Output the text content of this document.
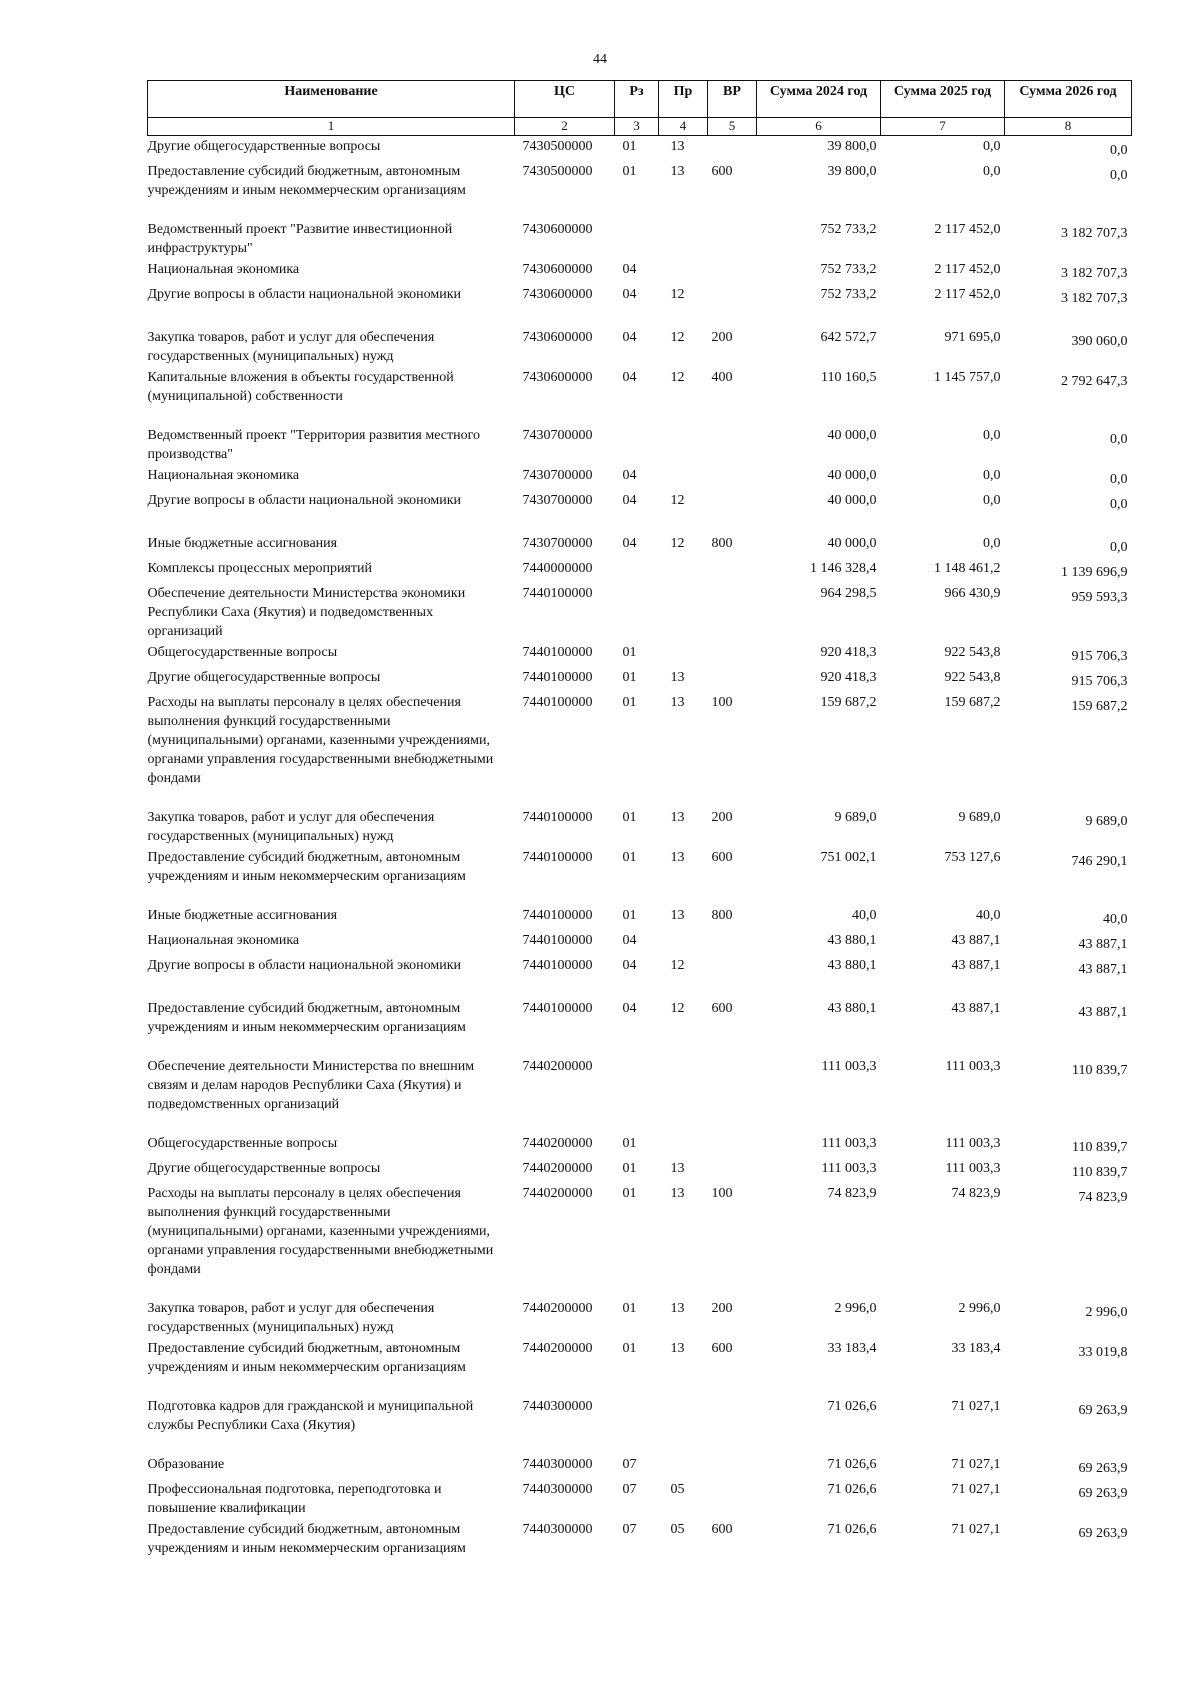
44
Наименование	ЦС	Рз	Пр	ВР	Сумма 2024 год	Сумма 2025 год	Сумма 2026 год
1	2	3	4	5	6	7	8
Другие общегосударственные вопросы	7430500000	01	13		39 800,0	0,0	0,0
Предоставление субсидий бюджетным, автономным учреждениям и иным некоммерческим организациям	7430500000	01	13	600	39 800,0	0,0	0,0
Ведомственный проект "Развитие инвестиционной инфраструктуры"	7430600000				752 733,2	2 117 452,0	3 182 707,3
Национальная экономика	7430600000	04			752 733,2	2 117 452,0	3 182 707,3
Другие вопросы в области национальной экономики	7430600000	04	12		752 733,2	2 117 452,0	3 182 707,3
Закупка товаров, работ и услуг для обеспечения государственных (муниципальных) нужд	7430600000	04	12	200	642 572,7	971 695,0	390 060,0
Капитальные вложения в объекты государственной (муниципальной) собственности	7430600000	04	12	400	110 160,5	1 145 757,0	2 792 647,3
Ведомственный проект "Территория развития местного производства"	7430700000				40 000,0	0,0	0,0
Национальная экономика	7430700000	04			40 000,0	0,0	0,0
Другие вопросы в области национальной экономики	7430700000	04	12		40 000,0	0,0	0,0
Иные бюджетные ассигнования	7430700000	04	12	800	40 000,0	0,0	0,0
Комплексы процессных мероприятий	7440000000				1 146 328,4	1 148 461,2	1 139 696,9
Обеспечение деятельности Министерства экономики Республики Саха (Якутия) и подведомственных организаций	7440100000				964 298,5	966 430,9	959 593,3
Общегосударственные вопросы	7440100000	01			920 418,3	922 543,8	915 706,3
Другие общегосударственные вопросы	7440100000	01	13		920 418,3	922 543,8	915 706,3
Расходы на выплаты персоналу в целях обеспечения выполнения функций государственными (муниципальными) органами, казенными учреждениями, органами управления государственными внебюджетными фондами	7440100000	01	13	100	159 687,2	159 687,2	159 687,2
Закупка товаров, работ и услуг для обеспечения государственных (муниципальных) нужд	7440100000	01	13	200	9 689,0	9 689,0	9 689,0
Предоставление субсидий бюджетным, автономным учреждениям и иным некоммерческим организациям	7440100000	01	13	600	751 002,1	753 127,6	746 290,1
Иные бюджетные ассигнования	7440100000	01	13	800	40,0	40,0	40,0
Национальная экономика	7440100000	04			43 880,1	43 887,1	43 887,1
Другие вопросы в области национальной экономики	7440100000	04	12		43 880,1	43 887,1	43 887,1
Предоставление субсидий бюджетным, автономным учреждениям и иным некоммерческим организациям	7440100000	04	12	600	43 880,1	43 887,1	43 887,1
Обеспечение деятельности Министерства по внешним связям и делам народов Республики Саха (Якутия) и подведомственных организаций	7440200000				111 003,3	111 003,3	110 839,7
Общегосударственные вопросы	7440200000	01			111 003,3	111 003,3	110 839,7
Другие общегосударственные вопросы	7440200000	01	13		111 003,3	111 003,3	110 839,7
Расходы на выплаты персоналу в целях обеспечения выполнения функций государственными (муниципальными) органами, казенными учреждениями, органами управления государственными внебюджетными фондами	7440200000	01	13	100	74 823,9	74 823,9	74 823,9
Закупка товаров, работ и услуг для обеспечения государственных (муниципальных) нужд	7440200000	01	13	200	2 996,0	2 996,0	2 996,0
Предоставление субсидий бюджетным, автономным учреждениям и иным некоммерческим организациям	7440200000	01	13	600	33 183,4	33 183,4	33 019,8
Подготовка кадров для гражданской и муниципальной службы Республики Саха (Якутия)	7440300000				71 026,6	71 027,1	69 263,9
Образование	7440300000	07			71 026,6	71 027,1	69 263,9
Профессиональная подготовка, переподготовка и повышение квалификации	7440300000	07	05		71 026,6	71 027,1	69 263,9
Предоставление субсидий бюджетным, автономным учреждениям и иным некоммерческим организациям	7440300000	07	05	600	71 026,6	71 027,1	69 263,9
